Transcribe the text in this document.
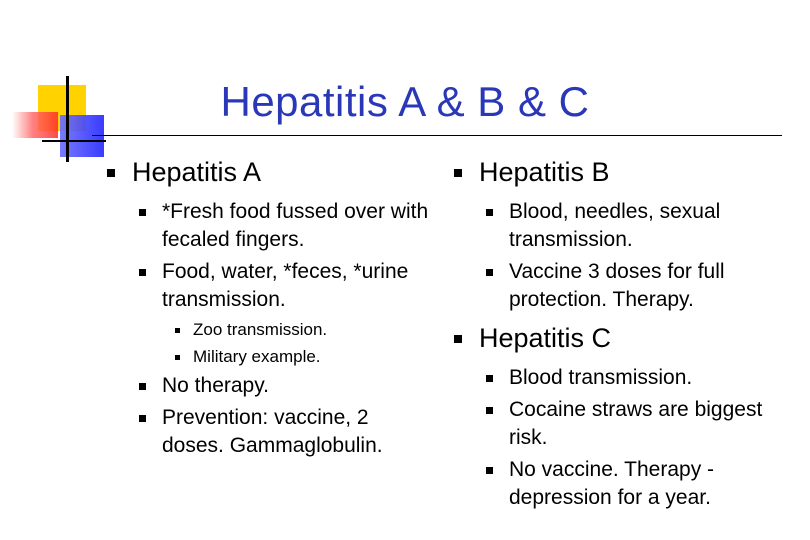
Hepatitis A & B & C
Hepatitis A
*Fresh food fussed over with fecaled fingers.
Food, water, *feces, *urine transmission.
Zoo transmission.
Military example.
No therapy.
Prevention: vaccine, 2 doses. Gammaglobulin.
Hepatitis B
Blood, needles, sexual transmission.
Vaccine 3 doses for full protection. Therapy.
Hepatitis C
Blood transmission.
Cocaine straws are biggest risk.
No vaccine. Therapy - depression for a year.
